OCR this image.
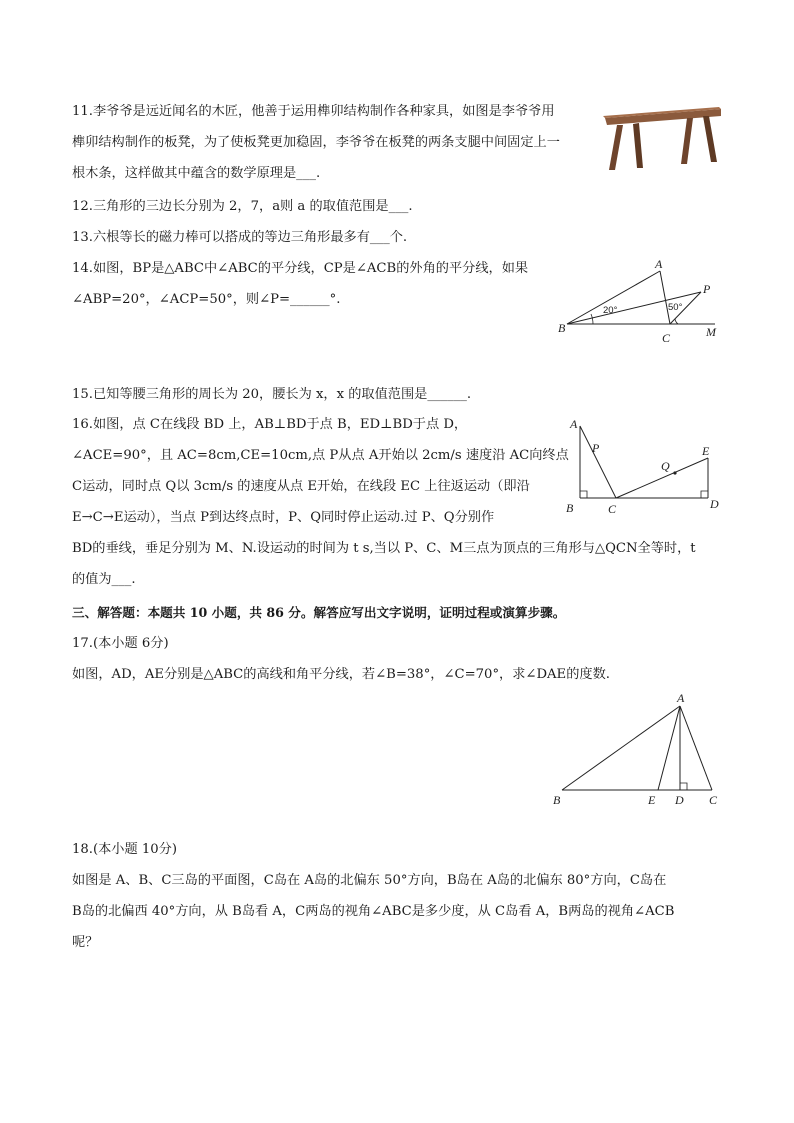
11.李爷爷是远近闻名的木匠，他善于运用榫卯结构制作各种家具，如图是李爷爷用
榫卯结构制作的板凳，为了使板凳更加稳固，李爷爷在板凳的两条支腿中间固定上一
根木条，这样做其中蕴含的数学原理是___.
12.三角形的三边长分别为 2，7，a则 a 的取值范围是___.
13.六根等长的磁力棒可以搭成的等边三角形最多有___个.
14.如图，BP是△ABC中∠ABC的平分线，CP是∠ACB的外角的平分线，如果
∠ABP=20°，∠ACP=50°，则∠P=______°.
A
B
C
P
M
20°	50°
15.已知等腰三角形的周长为 20，腰长为 x，x 的取值范围是______.
16.如图，点 C在线段 BD 上，AB⊥BD于点 B，ED⊥BD于点 D，
∠ACE=90°，且 AC=8cm,CE=10cm,点 P从点 A开始以 2cm/s 速度沿 AC向终点
C运动，同时点 Q以 3cm/s 的速度从点 E开始，在线段 EC 上往返运动（即沿
E→C→E运动），当点 P到达终点时，P、Q同时停止运动.过 P、Q分别作
BD的垂线，垂足分别为 M、N.设运动的时间为 t s,当以 P、C、M三点为顶点的三角形与△QCN全等时，t
的值为___.
A
P
B	C	D
E
Q
三、解答题：本题共 10 小题，共 86 分。解答应写出文字说明，证明过程或演算步骤。
17.(本小题 6分)
如图，AD，AE分别是△ABC的高线和角平分线，若∠B=38°，∠C=70°，求∠DAE的度数.
A
B	E D C
18.(本小题 10分)
如图是 A、B、C三岛的平面图，C岛在 A岛的北偏东 50°方向，B岛在 A岛的北偏东 80°方向，C岛在
B岛的北偏西 40°方向，从 B岛看 A，C两岛的视角∠ABC是多少度，从 C岛看 A，B两岛的视角∠ACB
呢？
